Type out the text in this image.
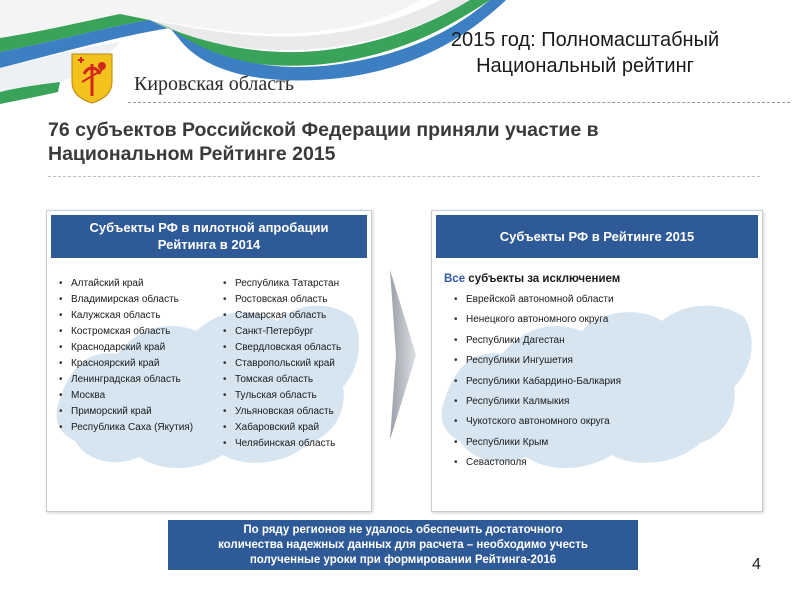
Кировская область
2015 год: Полномасштабный
Национальный рейтинг
76 субъектов Российской Федерации приняли участие в
Национальном Рейтинге 2015
Субъекты РФ в пилотной апробации
Рейтинга в 2014
• Алтайский край
• Владимирская область
• Калужская область
• Костромская область
• Краснодарский край
• Красноярский край
• Ленинградская область
• Москва
• Приморский край
• Республика Саха (Якутия)
• Республика Татарстан
• Ростовская область
• Самарская область
• Санкт-Петербург
• Свердловская область
• Ставропольский край
• Томская область
• Тульская область
• Ульяновская область
• Хабаровский край
• Челябинская область
Субъекты РФ в Рейтинге 2015
Все субъекты за исключением
• Еврейской автономной области
• Ненецкого автономного округа
• Республики Дагестан
• Республики Ингушетия
• Республики Кабардино-Балкария
• Республики Калмыкия
• Чукотского автономного округа
• Республики Крым
• Севастополя
По ряду регионов не удалось обеспечить достаточного
количества надежных данных для расчета – необходимо учесть
полученные уроки при формировании Рейтинга-2016	4
